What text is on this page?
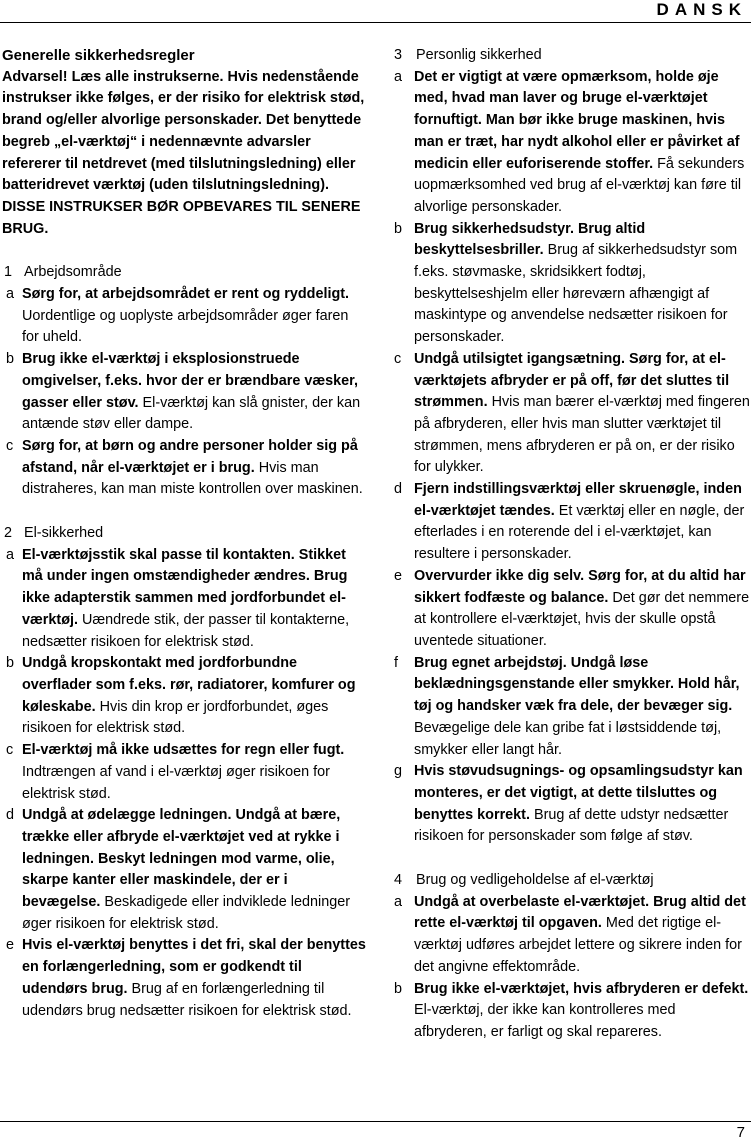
DANSK
Generelle sikkerhedsregler
Advarsel! Læs alle instrukserne. Hvis nedenstående instrukser ikke følges, er der risiko for elektrisk stød, brand og/eller alvorlige personskader. Det benyttede begreb „el-værktøj“ i nedennævnte advarsler refererer til netdrevet (med tilslutningsledning) eller batteridrevet værktøj (uden tilslutningsledning). DISSE INSTRUKSER BØR OPBEVARES TIL SENERE BRUG.
1 Arbejdsområde
a Sørg for, at arbejdsområdet er rent og ryddeligt. Uordentlige og uoplyste arbejdsområder øger faren for uheld.
b Brug ikke el-værktøj i eksplosionstruede omgivelser, f.eks. hvor der er brændbare væsker, gasser eller støv. El-værktøj kan slå gnister, der kan antænde støv eller dampe.
c Sørg for, at børn og andre personer holder sig på afstand, når el-værktøjet er i brug. Hvis man distraheres, kan man miste kontrollen over maskinen.
2 El-sikkerhed
a El-værktøjsstik skal passe til kontakten. Stikket må under ingen omstændigheder ændres. Brug ikke adapterstik sammen med jordforbundet el-værktøj. Uændrede stik, der passer til kontakterne, nedsætter risikoen for elektrisk stød.
b Undgå kropskontakt med jordforbundne overflader som f.eks. rør, radiatorer, komfurer og køleskabe. Hvis din krop er jordforbundet, øges risikoen for elektrisk stød.
c El-værktøj må ikke udsættes for regn eller fugt. Indtrængen af vand i el-værktøj øger risikoen for elektrisk stød.
d Undgå at ødelægge ledningen. Undgå at bære, trække eller afbryde el-værktøjet ved at rykke i ledningen. Beskyt ledningen mod varme, olie, skarpe kanter eller maskindele, der er i bevægelse. Beskadigede eller indviklede ledninger øger risikoen for elektrisk stød.
e Hvis el-værktøj benyttes i det fri, skal der benyttes en forlængerledning, som er godkendt til udendørs brug. Brug af en forlængerledning til udendørs brug nedsætter risikoen for elektrisk stød.
3 Personlig sikkerhed
a Det er vigtigt at være opmærksom, holde øje med, hvad man laver og bruge el-værktøjet fornuftigt. Man bør ikke bruge maskinen, hvis man er træt, har nydt alkohol eller er påvirket af medicin eller euforiserende stoffer. Få sekunders uopmærksomhed ved brug af el-værktøj kan føre til alvorlige personskader.
b Brug sikkerhedsudstyr. Brug altid beskyttelsesbriller. Brug af sikkerhedsudstyr som f.eks. støvmaske, skridsikkert fodtøj, beskyttelseshjelm eller høreværn afhængigt af maskintype og anvendelse nedsætter risikoen for personskader.
c Undgå utilsigtet igangsætning. Sørg for, at el-værktøjets afbryder er på off, før det sluttes til strømmen. Hvis man bærer el-værktøj med fingeren på afbryderen, eller hvis man slutter værktøjet til strømmen, mens afbryderen er på on, er der risiko for ulykker.
d Fjern indstillingsværktøj eller skruenøgle, inden el-værktøjet tændes. Et værktøj eller en nøgle, der efterlades i en roterende del i el-værktøjet, kan resultere i personskader.
e Overvurder ikke dig selv. Sørg for, at du altid har sikkert fodfæste og balance. Det gør det nemmere at kontrollere el-værktøjet, hvis der skulle opstå uventede situationer.
f Brug egnet arbejdstøj. Undgå løse beklædningsgenstande eller smykker. Hold hår, tøj og handsker væk fra dele, der bevæger sig. Bevægelige dele kan gribe fat i løstsiddende tøj, smykker eller langt hår.
g Hvis støvudsugnings- og opsamlingsudstyr kan monteres, er det vigtigt, at dette tilsluttes og benyttes korrekt. Brug af dette udstyr nedsætter risikoen for personskader som følge af støv.
4 Brug og vedligeholdelse af el-værktøj
a Undgå at overbelaste el-værktøjet. Brug altid det rette el-værktøj til opgaven. Med det rigtige el-værktøj udføres arbejdet lettere og sikrere inden for det angivne effektområde.
b Brug ikke el-værktøjet, hvis afbryderen er defekt. El-værktøj, der ikke kan kontrolleres med afbryderen, er farligt og skal repareres.
7
